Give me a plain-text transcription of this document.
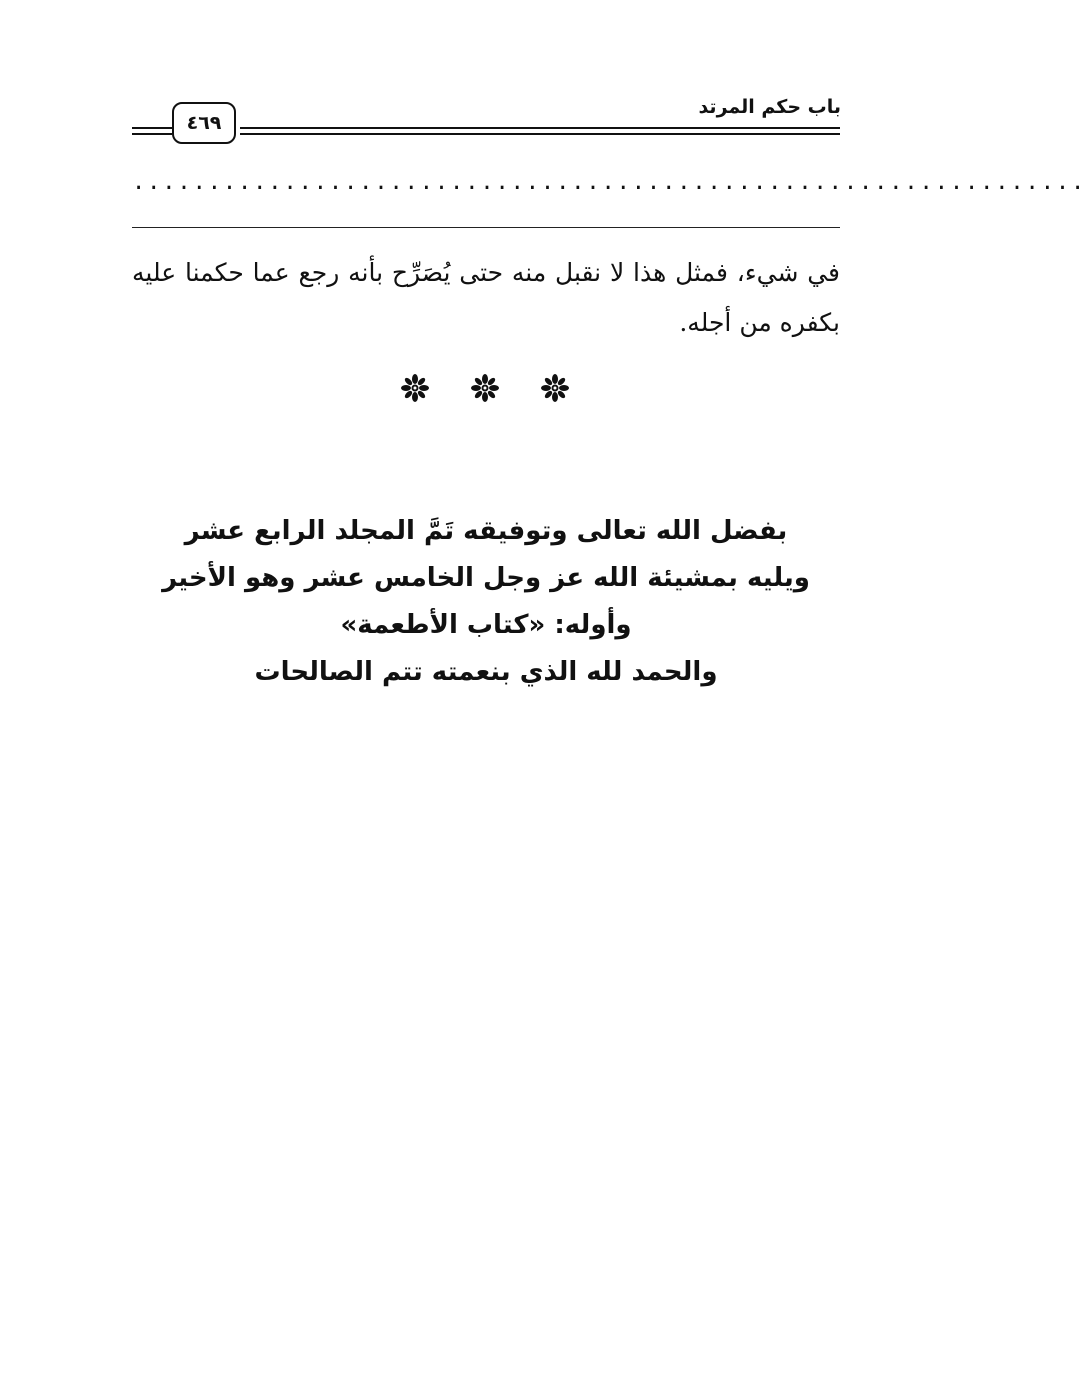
باب حكم المرتد
٤٦٩
...............................................................
في شيء، فمثل هذا لا نقبل منه حتى يُصَرِّح بأنه رجع عما حكمنا عليه بكفره من أجله.
بفضل الله تعالى وتوفيقه تَمَّ المجلد الرابع عشر
ويليه بمشيئة الله عز وجل الخامس عشر وهو الأخير
وأوله: «كتاب الأطعمة»
والحمد لله الذي بنعمته تتم الصالحات
